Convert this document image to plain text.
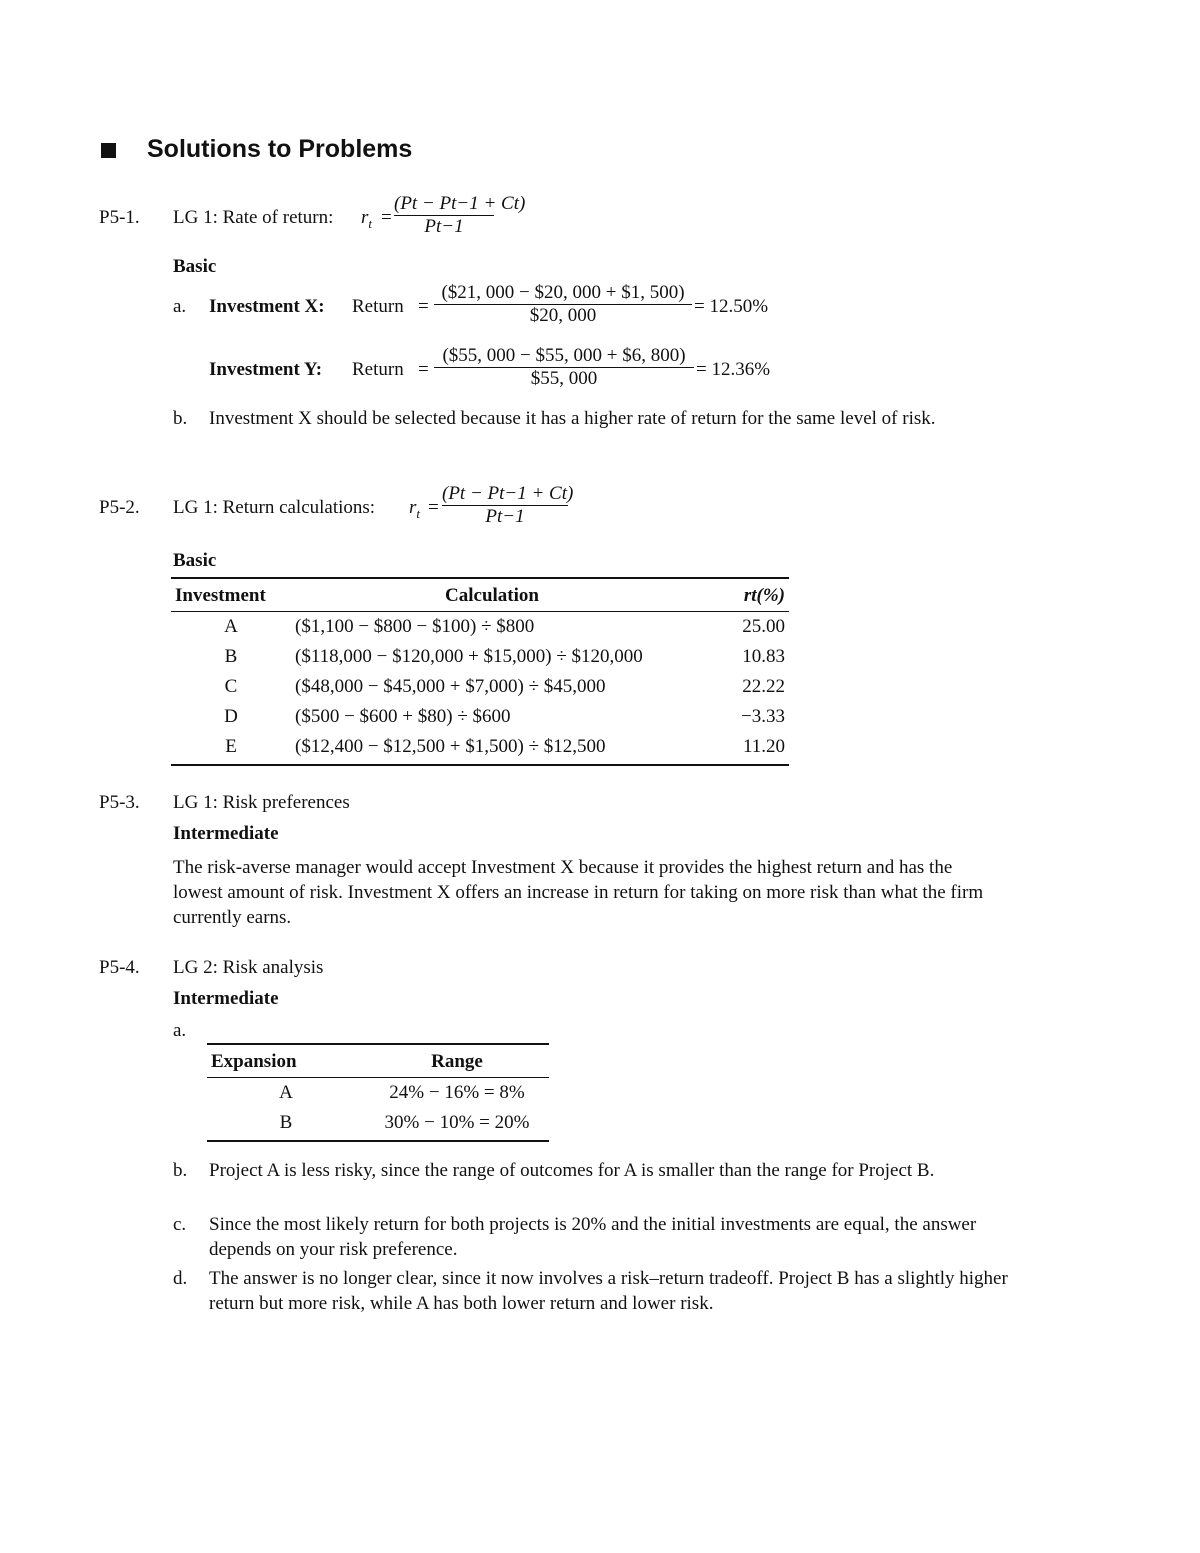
Solutions to Problems
P5-1. LG 1: Rate of return: $r_t$ =
(Pt − Pt−1 + Ct)
Pt−1
Basic
a. Investment X: Return =
($21, 000 − $20, 000 + $1, 500)
$20, 000	= 12.50%
Investment Y: Return =
($55, 000 − $55, 000 + $6, 800)
$55, 000	= 12.36%
b. Investment X should be selected because it has a higher rate of return for the same level of risk.
P5-2. LG 1: Return calculations: $r_t$ =
(Pt − Pt−1 + Ct)
Pt−1
Basic
Investment	Calculation	rt(%)
A	($1,100 − $800 − $100) ÷ $800	25.00
B	($118,000 − $120,000 + $15,000) ÷ $120,000	10.83
C	($48,000 − $45,000 + $7,000) ÷ $45,000	22.22
D	($500 − $600 + $80) ÷ $600	−3.33
E	($12,400 − $12,500 + $1,500) ÷ $12,500	11.20
P5-3. LG 1: Risk preferences
Intermediate
The risk-averse manager would accept Investment X because it provides the highest return and has the lowest amount of risk. Investment X offers an increase in return for taking on more risk than what the firm currently earns.
P5-4. LG 2: Risk analysis
Intermediate
a.
Expansion	Range
A	24% − 16% = 8%
B	30% − 10% = 20%
b. Project A is less risky, since the range of outcomes for A is smaller than the range for Project B.
c. Since the most likely return for both projects is 20% and the initial investments are equal, the answer depends on your risk preference.
d. The answer is no longer clear, since it now involves a risk–return tradeoff. Project B has a slightly higher return but more risk, while A has both lower return and lower risk.
